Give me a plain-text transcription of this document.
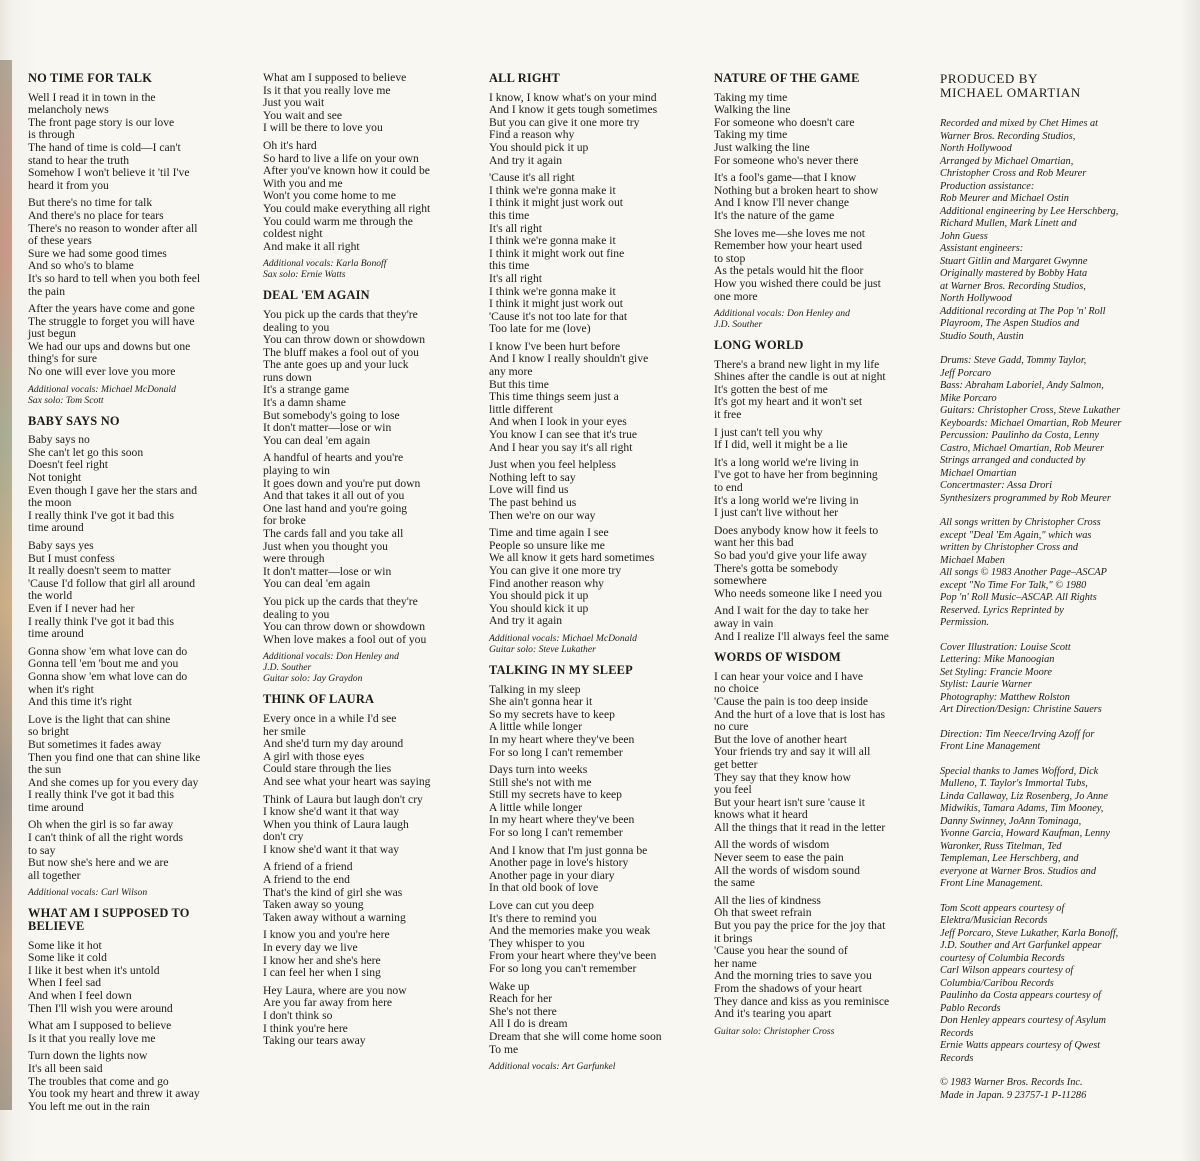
NO TIME FOR TALK
Well I read it in town in the
melancholy news
The front page story is our love
is through
The hand of time is cold—I can't
stand to hear the truth
Somehow I won't believe it 'til I've
heard it from you
But there's no time for talk
And there's no place for tears
There's no reason to wonder after all
of these years
Sure we had some good times
And so who's to blame
It's so hard to tell when you both feel
the pain
After the years have come and gone
The struggle to forget you will have
just begun
We had our ups and downs but one
thing's for sure
No one will ever love you more
Additional vocals: Michael McDonald
Sax solo: Tom Scott
BABY SAYS NO
Baby says no
She can't let go this soon
Doesn't feel right
Not tonight
Even though I gave her the stars and
the moon
I really think I've got it bad this
time around
Baby says yes
But I must confess
It really doesn't seem to matter
'Cause I'd follow that girl all around
the world
Even if I never had her
I really think I've got it bad this
time around
Gonna show 'em what love can do
Gonna tell 'em 'bout me and you
Gonna show 'em what love can do
when it's right
And this time it's right
Love is the light that can shine
so bright
But sometimes it fades away
Then you find one that can shine like
the sun
And she comes up for you every day
I really think I've got it bad this
time around
Oh when the girl is so far away
I can't think of all the right words
to say
But now she's here and we are
all together
Additional vocals: Carl Wilson
WHAT AM I SUPPOSED TO BELIEVE
Some like it hot
Some like it cold
I like it best when it's untold
When I feel sad
And when I feel down
Then I'll wish you were around
What am I supposed to believe
Is it that you really love me
Turn down the lights now
It's all been said
The troubles that come and go
You took my heart and threw it away
You left me out in the rain
What am I supposed to believe
Is it that you really love me
Just you wait
You wait and see
I will be there to love you
Oh it's hard
So hard to live a life on your own
After you've known how it could be
With you and me
Won't you come home to me
You could make everything all right
You could warm me through the
coldest night
And make it all right
Additional vocals: Karla Bonoff
Sax solo: Ernie Watts
DEAL 'EM AGAIN
You pick up the cards that they're
dealing to you
You can throw down or showdown
The bluff makes a fool out of you
The ante goes up and your luck
runs down
It's a strange game
It's a damn shame
But somebody's going to lose
It don't matter—lose or win
You can deal 'em again
A handful of hearts and you're
playing to win
It goes down and you're put down
And that takes it all out of you
One last hand and you're going
for broke
The cards fall and you take all
Just when you thought you
were through
It don't matter—lose or win
You can deal 'em again
You pick up the cards that they're
dealing to you
You can throw down or showdown
When love makes a fool out of you
Additional vocals: Don Henley and
J.D. Souther
Guitar solo: Jay Graydon
THINK OF LAURA
Every once in a while I'd see
her smile
And she'd turn my day around
A girl with those eyes
Could stare through the lies
And see what your heart was saying
Think of Laura but laugh don't cry
I know she'd want it that way
When you think of Laura laugh
don't cry
I know she'd want it that way
A friend of a friend
A friend to the end
That's the kind of girl she was
Taken away so young
Taken away without a warning
I know you and you're here
In every day we live
I know her and she's here
I can feel her when I sing
Hey Laura, where are you now
Are you far away from here
I don't think so
I think you're here
Taking our tears away
ALL RIGHT
I know, I know what's on your mind
And I know it gets tough sometimes
But you can give it one more try
Find a reason why
You should pick it up
And try it again
'Cause it's all right
I think we're gonna make it
I think it might just work out
this time
It's all right
I think we're gonna make it
I think it might work out fine
this time
It's all right
I think we're gonna make it
I think it might just work out
'Cause it's not too late for that
Too late for me (love)
I know I've been hurt before
And I know I really shouldn't give
any more
But this time
This time things seem just a
little different
And when I look in your eyes
You know I can see that it's true
And I hear you say it's all right
Just when you feel helpless
Nothing left to say
Love will find us
The past behind us
Then we're on our way
Time and time again I see
People so unsure like me
We all know it gets hard sometimes
You can give it one more try
Find another reason why
You should pick it up
You should kick it up
And try it again
Additional vocals: Michael McDonald
Guitar solo: Steve Lukather
TALKING IN MY SLEEP
Talking in my sleep
She ain't gonna hear it
So my secrets have to keep
A little while longer
In my heart where they've been
For so long I can't remember
Days turn into weeks
Still she's not with me
Still my secrets have to keep
A little while longer
In my heart where they've been
For so long I can't remember
And I know that I'm just gonna be
Another page in love's history
Another page in your diary
In that old book of love
Love can cut you deep
It's there to remind you
And the memories make you weak
They whisper to you
From your heart where they've been
For so long you can't remember
Wake up
Reach for her
She's not there
All I do is dream
Dream that she will come home soon
To me
Additional vocals: Art Garfunkel
NATURE OF THE GAME
Taking my time
Walking the line
For someone who doesn't care
Taking my time
Just walking the line
For someone who's never there
It's a fool's game—that I know
Nothing but a broken heart to show
And I know I'll never change
It's the nature of the game
She loves me—she loves me not
Remember how your heart used
to stop
As the petals would hit the floor
How you wished there could be just
one more
Additional vocals: Don Henley and
J.D. Souther
LONG WORLD
There's a brand new light in my life
Shines after the candle is out at night
It's gotten the best of me
It's got my heart and it won't set
it free
I just can't tell you why
If I did, well it might be a lie
It's a long world we're living in
I've got to have her from beginning
to end
It's a long world we're living in
I just can't live without her
Does anybody know how it feels to
want her this bad
So bad you'd give your life away
There's gotta be somebody
somewhere
Who needs someone like I need you
And I wait for the day to take her
away in vain
And I realize I'll always feel the same
WORDS OF WISDOM
I can hear your voice and I have
no choice
'Cause the pain is too deep inside
And the hurt of a love that is lost has
no cure
But the love of another heart
Your friends try and say it will all
get better
They say that they know how
you feel
But your heart isn't sure 'cause it
knows what it heard
All the things that it read in the letter
All the words of wisdom
Never seem to ease the pain
All the words of wisdom sound
the same
All the lies of kindness
Oh that sweet refrain
But you pay the price for the joy that
it brings
'Cause you hear the sound of
her name
And the morning tries to save you
From the shadows of your heart
They dance and kiss as you reminisce
And it's tearing you apart
Guitar solo: Christopher Cross
PRODUCED BY
MICHAEL OMARTIAN
Recorded and mixed by Chet Himes at
Warner Bros. Recording Studios,
North Hollywood
Arranged by Michael Omartian,
Christopher Cross and Rob Meurer
Production assistance:
Rob Meurer and Michael Ostin
Additional engineering by Lee Herschberg,
Richard Mullen, Mark Linett and
John Guess
Assistant engineers:
Stuart Gitlin and Margaret Gwynne
Originally mastered by Bobby Hata
at Warner Bros. Recording Studios,
North Hollywood
Additional recording at The Pop 'n' Roll
Playroom, The Aspen Studios and
Studio South, Austin
Drums: Steve Gadd, Tommy Taylor,
Jeff Porcaro
Bass: Abraham Laboriel, Andy Salmon,
Mike Porcaro
Guitars: Christopher Cross, Steve Lukather
Keyboards: Michael Omartian, Rob Meurer
Percussion: Paulinho da Costa, Lenny
Castro, Michael Omartian, Rob Meurer
Strings arranged and conducted by
Michael Omartian
Concertmaster: Assa Drori
Synthesizers programmed by Rob Meurer
All songs written by Christopher Cross
except "Deal 'Em Again," which was
written by Christopher Cross and
Michael Maben
All songs © 1983 Another Page–ASCAP
except "No Time For Talk," © 1980
Pop 'n' Roll Music–ASCAP. All Rights
Reserved. Lyrics Reprinted by
Permission.
Cover Illustration: Louise Scott
Lettering: Mike Manoogian
Set Styling: Francie Moore
Stylist: Laurie Warner
Photography: Matthew Rolston
Art Direction/Design: Christine Sauers
Direction: Tim Neece/Irving Azoff for
Front Line Management
Special thanks to James Wofford, Dick
Mulleno, T. Taylor's Immortal Tubs,
Linda Callaway, Liz Rosenberg, Jo Anne
Midwikis, Tamara Adams, Tim Mooney,
Danny Swinney, JoAnn Tominaga,
Yvonne Garcia, Howard Kaufman, Lenny
Waronker, Russ Titelman, Ted
Templeman, Lee Herschberg, and
everyone at Warner Bros. Studios and
Front Line Management.
Tom Scott appears courtesy of
Elektra/Musician Records
Jeff Porcaro, Steve Lukather, Karla Bonoff,
J.D. Souther and Art Garfunkel appear
courtesy of Columbia Records
Carl Wilson appears courtesy of
Columbia/Caribou Records
Paulinho da Costa appears courtesy of
Pablo Records
Don Henley appears courtesy of Asylum
Records
Ernie Watts appears courtesy of Qwest
Records
© 1983 Warner Bros. Records Inc.
Made in Japan. 9 23757-1 P-11286
